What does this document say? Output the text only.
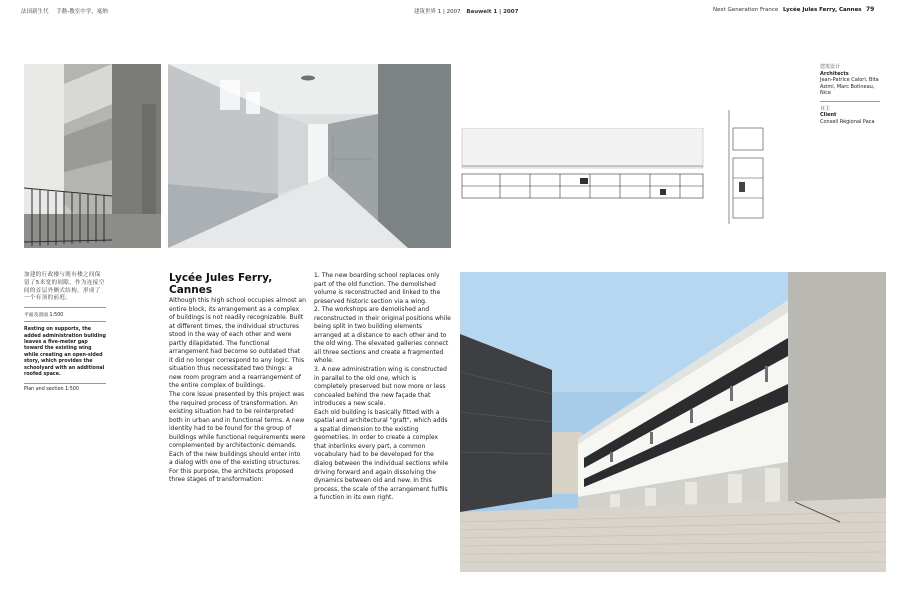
法国新生代 手動-教室中学，戛纳	建筑世界 1 | 2007 Bauwelt 1 | 2007	Next Generation France Lycée Jules Ferry, Cannes 79
建筑设计
Architects
Jean-Patrice Calori, Bita Azimi, Marc Botineau, Nice
业主
Client
Conseil Régional Paca
加建的行政楼与既有楼之间保留了5米宽的间隙，作为连接空间的首层外侧式结构，形成了一个有顶的前庭。
平面及剖面 1:500
Resting on supports, the added administration building leaves a five-meter gap toward the existing wing while creating an open-sided story, which provides the schoolyard with an additional roofed space.
Plan and section 1:500
Lycée Jules Ferry, Cannes
Although this high school occupies almost an entire block, its arrangement as a complex of buildings is not readily recognizable. Built at different times, the individual structures stood in the way of each other and were partly dilapidated. The functional arrangement had become so outdated that it did no longer correspond to any logic. This situation thus necessitated two things: a new room program and a rearrangement of the entire complex of buildings.
The core issue presented by this project was the required process of transformation. An existing situation had to be reinterpreted both in urban and in functional terms. A new identity had to be found for the group of buildings while functional requirements were complemented by architectonic demands. Each of the new buildings should enter into a dialog with one of the existing structures. For this purpose, the architects proposed three stages of transformation:
1. The new boarding school replaces only part of the old function. The demolished volume is reconstructed and linked to the preserved historic section via a wing.
2. The workshops are demolished and reconstructed in their original positions while being split in two building elements arranged at a distance to each other and to the old wing. The elevated galleries connect all three sections and create a fragmented whole.
3. A new administration wing is constructed in parallel to the old one, which is completely preserved but now more or less concealed behind the new façade that introduces a new scale.
Each old building is basically fitted with a spatial and architectural "graft", which adds a spatial dimension to the existing geometries. In order to create a complex that interlinks every part, a common vocabulary had to be developed for the dialog between the individual sections while driving forward and again dissolving the dynamics between old and new. In this process, the scale of the arrangement fulfils a function in its own right.
